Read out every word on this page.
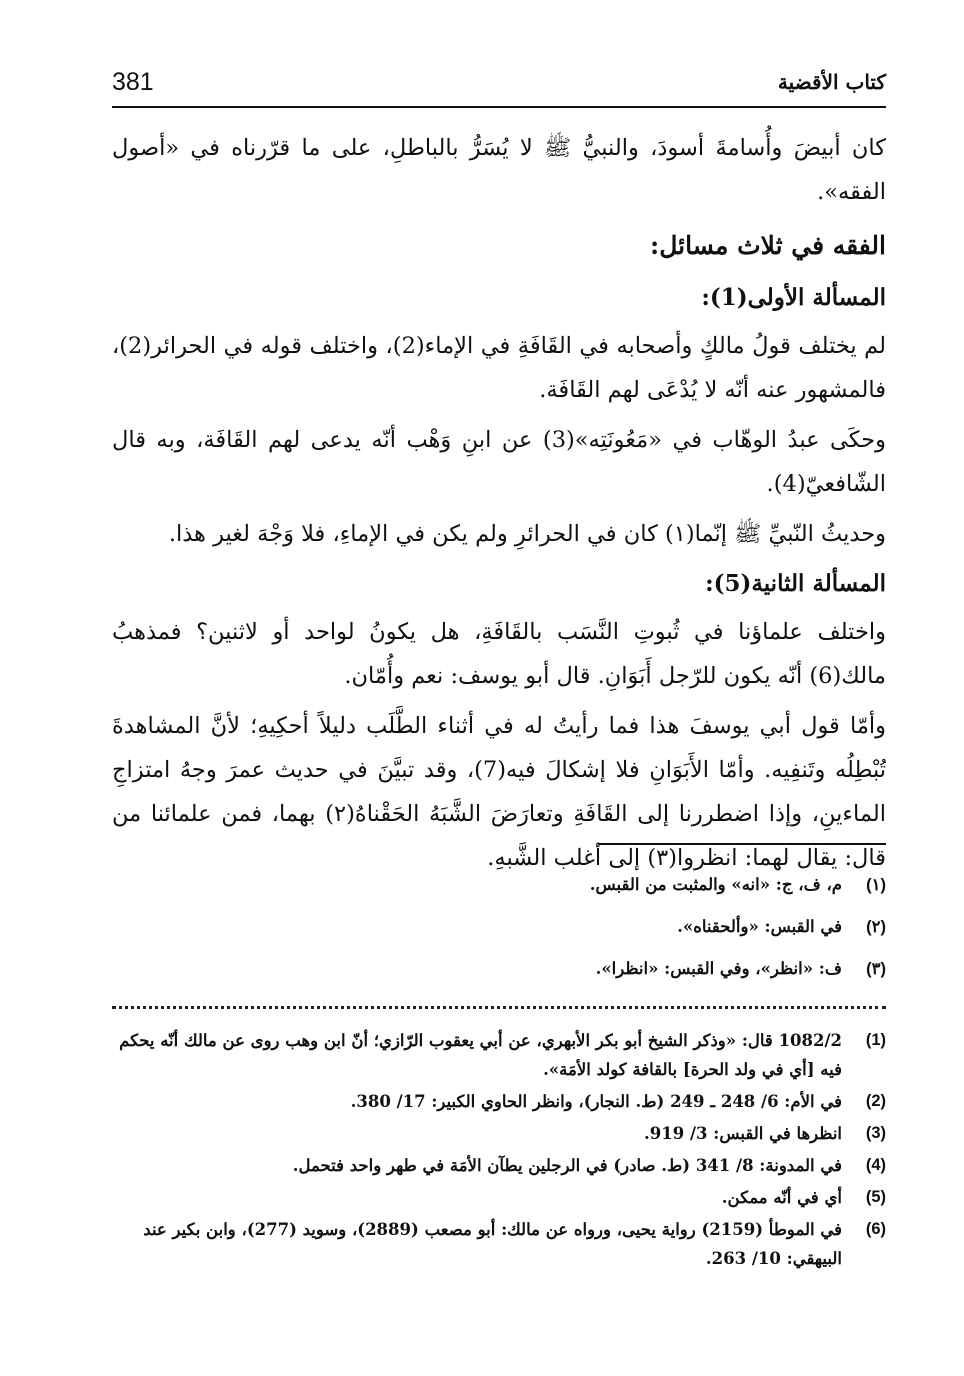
381	كتاب الأقضية

كان أبيضَ وأُسامةَ أسودَ، والنبيُّ ﷺ لا يُسَرُّ بالباطلِ، على ما قرّرناه في «أصول الفقه».

الفقه في ثلاث مسائل:
المسألة الأولى(1):

لم يختلف قولُ مالكٍ وأصحابه في القَافَةِ في الإماء(2)، واختلف قوله في الحرائر(2)، فالمشهور عنه أنّه لا يُدْعَى لهم القَافَة.

وحكَى عبدُ الوهّاب في «مَعُونَتِه»(3) عن ابنِ وَهْب أنّه يدعى لهم القَافَة، وبه قال الشّافعيّ(4).

وحديثُ النّبيِّ ﷺ إنّما(١) كان في الحرائرِ ولم يكن في الإماءِ، فلا وَجْهَ لغير هذا.

المسألة الثانية(5):

واختلف علماؤنا في ثُبوتِ النَّسَب بالقَافَةِ، هل يكونُ لواحد أو لاثنين؟ فمذهبُ مالك(6) أنّه يكون للرّجل أَبَوَانِ. قال أبو يوسف: نعم وأُمّان.

وأمّا قول أبي يوسفَ هذا فما رأيتُ له في أثناء الطَّلَب دليلاً أحكِيهِ؛ لأنَّ المشاهدةَ تُبْطِلُه وتَنفِيه. وأمّا الأَبَوَانِ فلا إشكالَ فيه(7)، وقد تبيَّنَ في حديث عمرَ وجهُ امتزاجِ الماءينِ، وإذا اضطررنا إلى القَافَةِ وتعارَضَ الشَّبَهُ الحَقْناهُ(٢) بهما، فمن علمائنا من قال: يقال لهما: انظروا(٣) إلى أغلب الشَّبهِ.

(١)
م، ف، ج: «انه» والمثبت من القبس.
(٢)
في القبس: «وألحقناه».
(٣)
ف: «انظر»، وفي القبس: «انظرا».
(1)
1082/2 قال: «وذكر الشيخ أبو بكر الأبهري، عن أبي يعقوب الرّازي؛ أنّ ابن وهب روى عن مالك أنّه يحكم فيه [أي في ولد الحرة] بالقافة كولد الأمَة».
(2)
في الأم: 6/ 248 ـ 249 (ط. النجار)، وانظر الحاوي الكبير: 17/ 380.
(3)
انظرها في القبس: 3/ 919.
(4)
في المدونة: 8/ 341 (ط. صادر) في الرجلين يطآن الأمَة في طهر واحد فتحمل.
(5)
أي في أنّه ممكن.
(6)
في الموطأ (2159) رواية يحيى، ورواه عن مالك: أبو مصعب (2889)، وسويد (277)، وابن بكير عند البيهقي: 10/ 263.
